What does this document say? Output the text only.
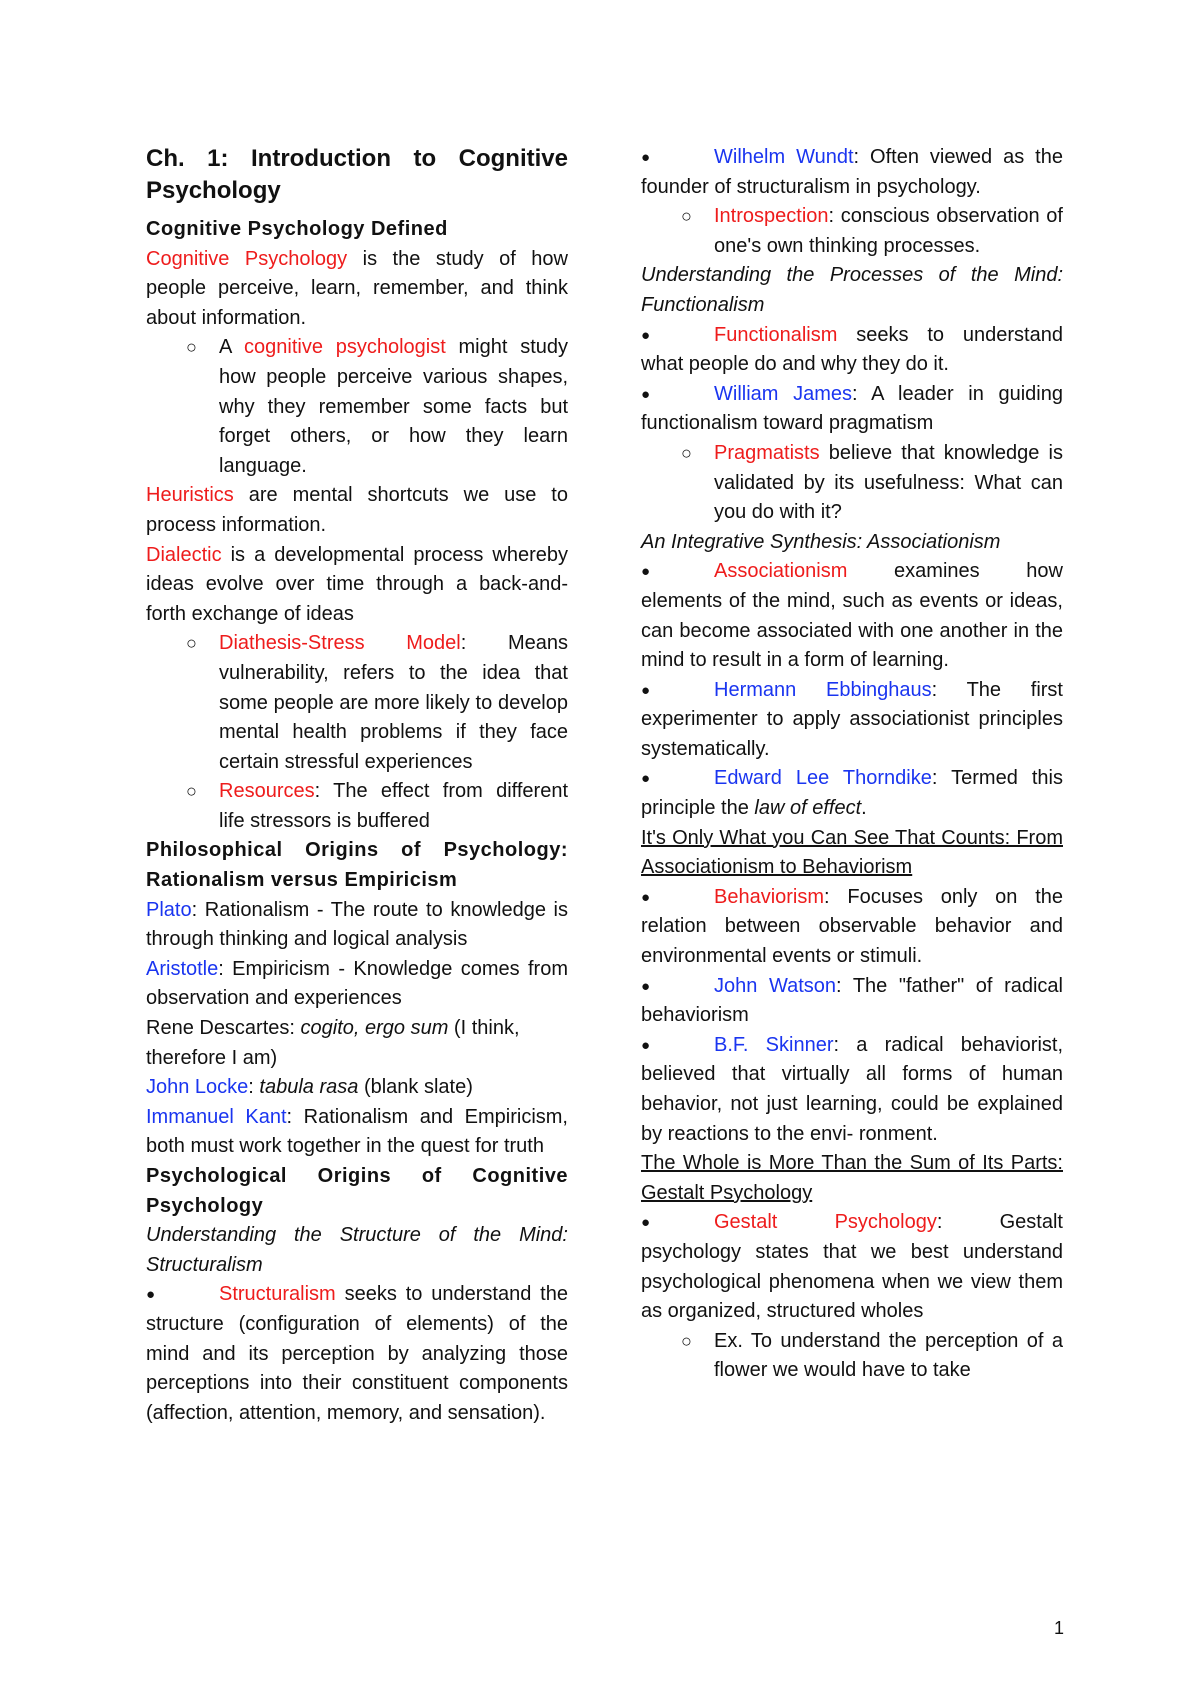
Ch. 1: Introduction to Cognitive Psychology

Cognitive Psychology Defined

Cognitive Psychology is the study of how people perceive, learn, remember, and think about information.

○ A cognitive psychologist might study how people perceive various shapes, why they remember some facts but forget others, or how they learn language.

Heuristics are mental shortcuts we use to process information.

Dialectic is a developmental process whereby ideas evolve over time through a back-and-forth exchange of ideas

○ Diathesis-Stress Model: Means vulnerability, refers to the idea that some people are more likely to develop mental health problems if they face certain stressful experiences

○ Resources: The effect from different life stressors is buffered

Philosophical Origins of Psychology: Rationalism versus Empiricism

Plato: Rationalism - The route to knowledge is through thinking and logical analysis

Aristotle: Empiricism - Knowledge comes from observation and experiences

Rene Descartes: cogito, ergo sum (I think, therefore I am)

John Locke: tabula rasa (blank slate)

Immanuel Kant: Rationalism and Empiricism, both must work together in the quest for truth

Psychological Origins of Cognitive Psychology

Understanding the Structure of the Mind: Structuralism

●	Structuralism seeks to understand the structure (configuration of elements) of the mind and its perception by analyzing those perceptions into their constituent components (affection, attention, memory, and sensation).

●	Wilhelm Wundt: Often viewed as the founder of structuralism in psychology.

○ Introspection: conscious observation of one's own thinking processes.

Understanding the Processes of the Mind: Functionalism

●	Functionalism seeks to understand what people do and why they do it.

●	William James: A leader in guiding functionalism toward pragmatism

○ Pragmatists believe that knowledge is validated by its usefulness: What can you do with it?

An Integrative Synthesis: Associationism

●	Associationism examines how elements of the mind, such as events or ideas, can become associated with one another in the mind to result in a form of learning.

●	Hermann Ebbinghaus: The first experimenter to apply associationist principles systematically.

●	Edward Lee Thorndike: Termed this principle the law of effect.

It's Only What you Can See That Counts: From Associationism to Behaviorism

●	Behaviorism: Focuses only on the relation between observable behavior and environmental events or stimuli.

●	John Watson: The "father" of radical behaviorism

●	B.F. Skinner: a radical behaviorist, believed that virtually all forms of human behavior, not just learning, could be explained by reactions to the envi- ronment.

The Whole is More Than the Sum of Its Parts: Gestalt Psychology

●	Gestalt Psychology: Gestalt psychology states that we best understand psychological phenomena when we view them as organized, structured wholes

○ Ex. To understand the perception of a flower we would have to take

1
